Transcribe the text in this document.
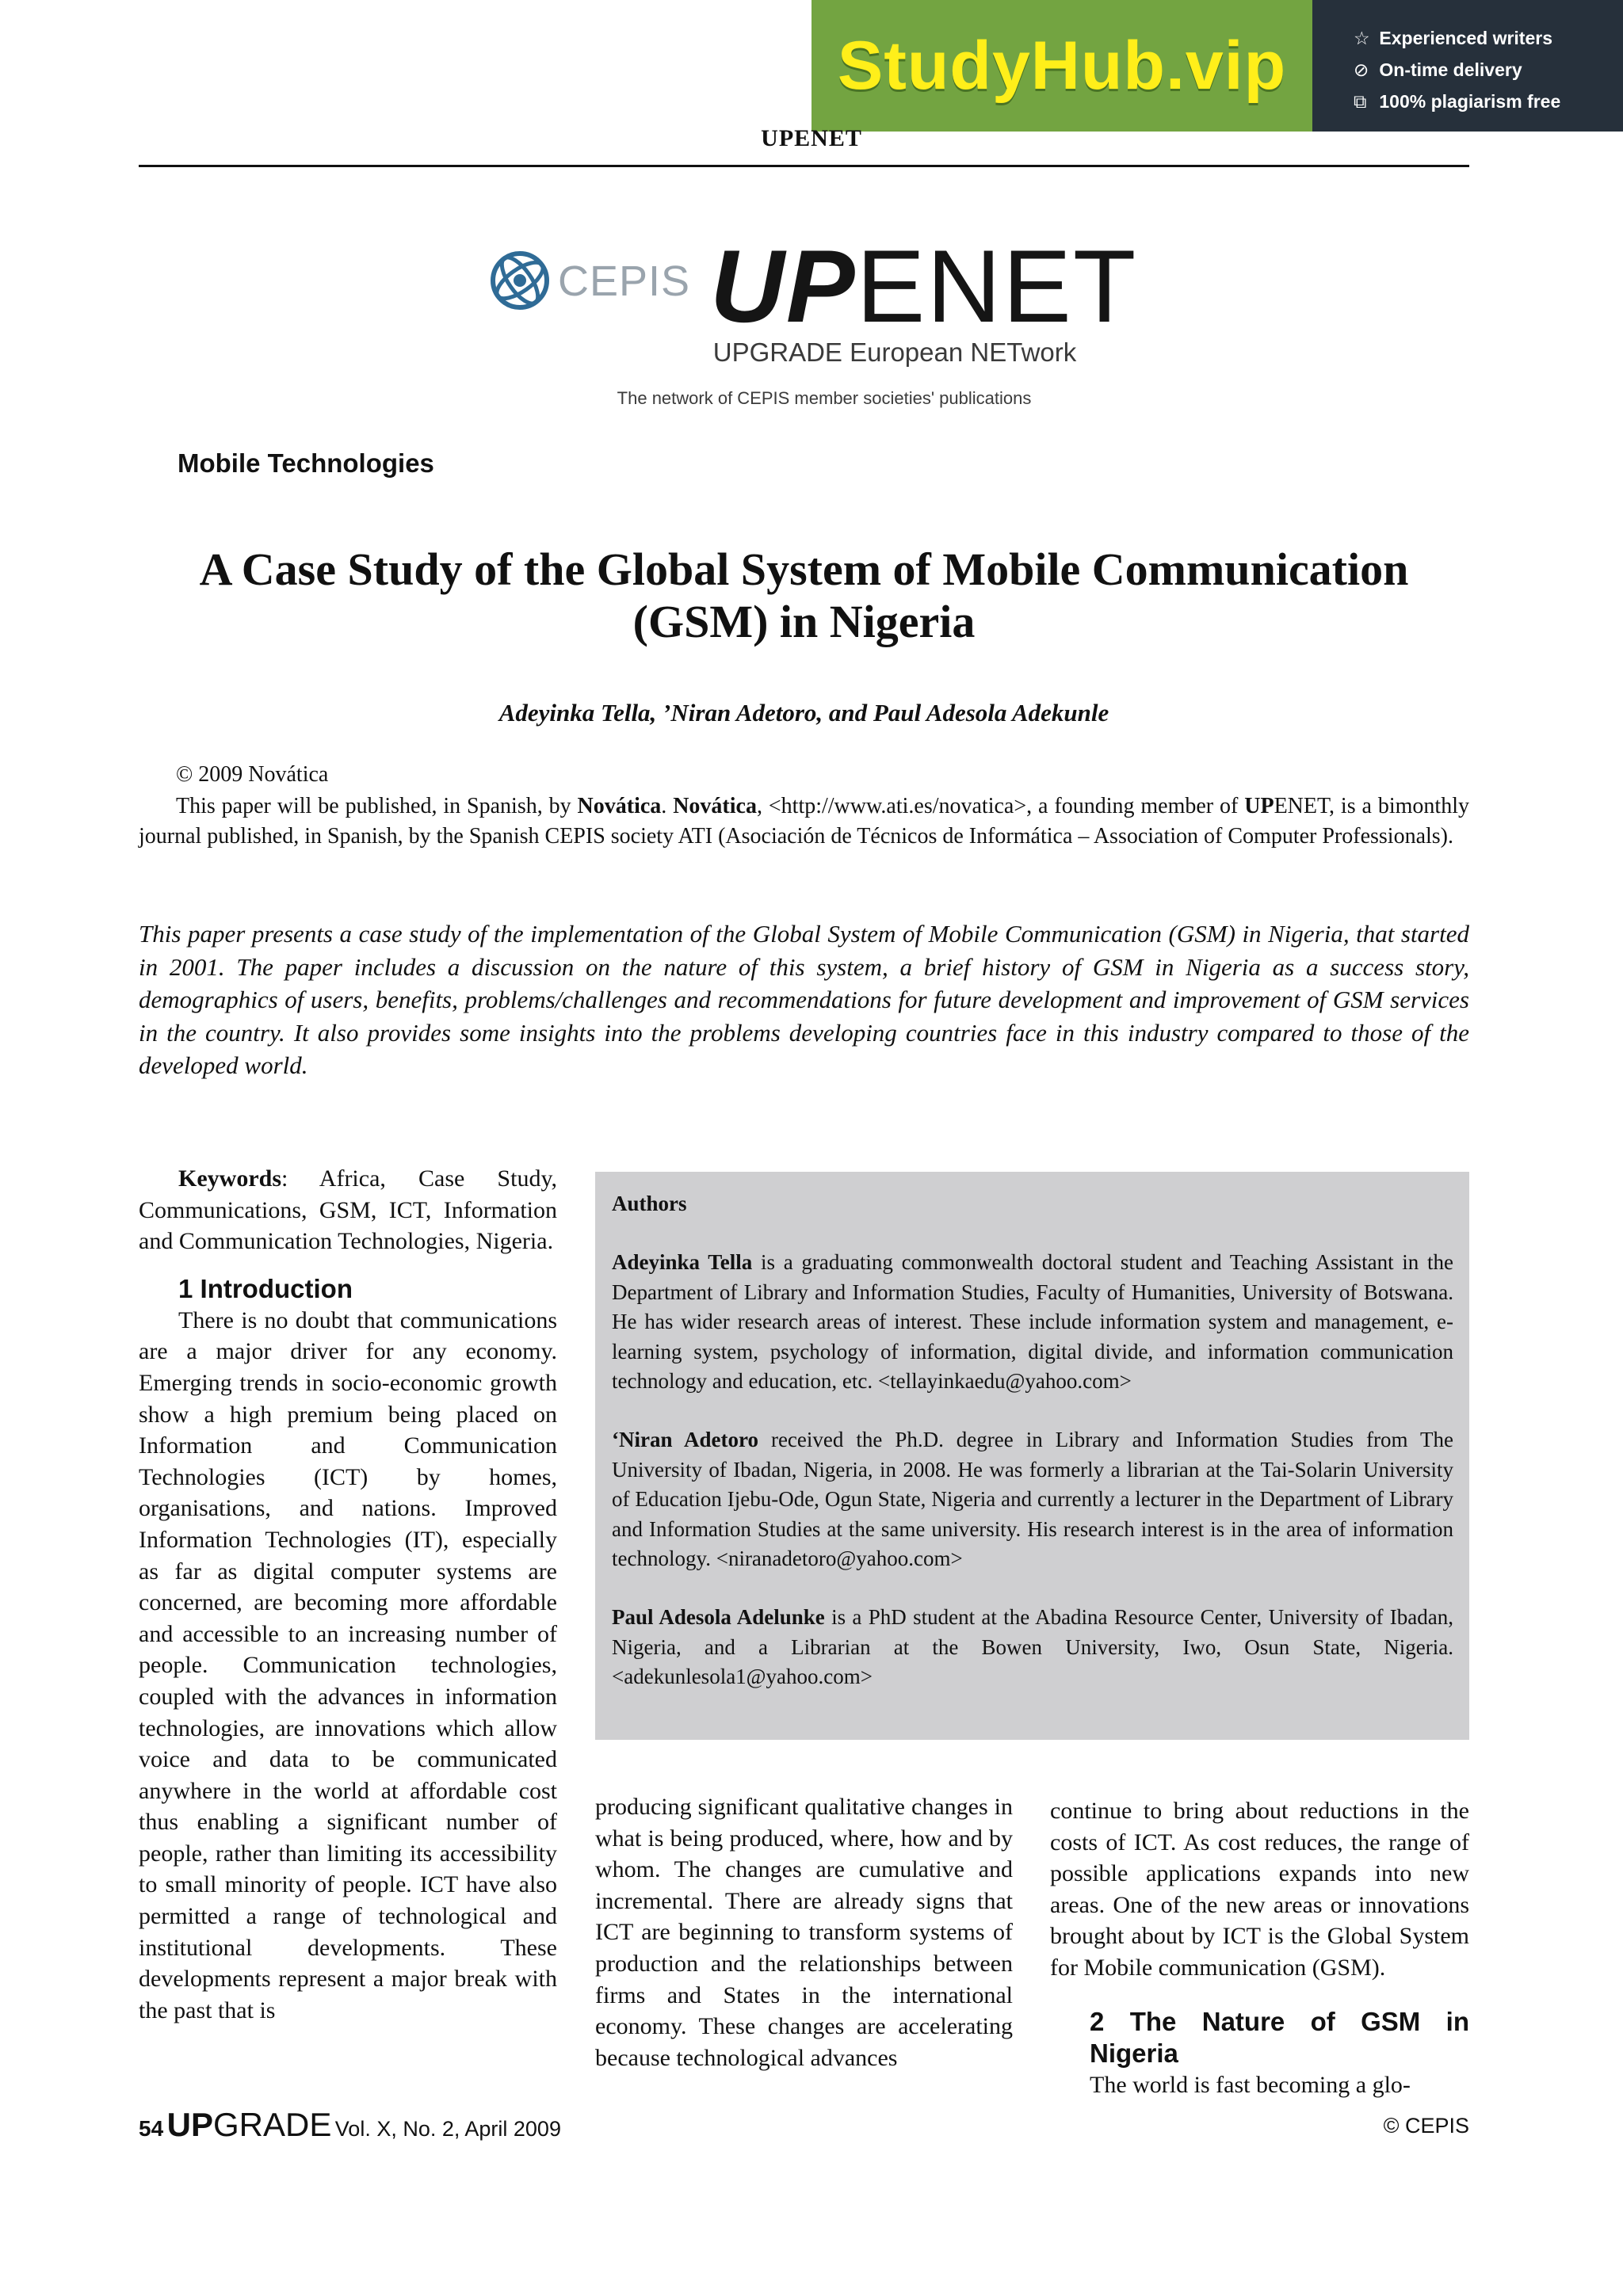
StudyHub.vip	☆ Experienced writers
⊘ On-time delivery
⧉ 100% plagiarism free
UPENET
CEPIS UPENET
UPGRADE European NETwork
The network of CEPIS member societies' publications
Mobile Technologies
A Case Study of the Global System of Mobile Communication
(GSM) in Nigeria
Adeyinka Tella, ’Niran Adetoro, and Paul Adesola Adekunle
© 2009 Novática
This paper will be published, in Spanish, by Novática. Novática, <http://www.ati.es/novatica>, a founding member of UPENET, is a bimonthly journal published, in Spanish, by the Spanish CEPIS society ATI (Asociación de Técnicos de Informática – Association of Computer Professionals).
This paper presents a case study of the implementation of the Global System of Mobile Communication (GSM) in Nigeria, that started in 2001. The paper includes a discussion on the nature of this system, a brief history of GSM in Nigeria as a success story, demographics of users, benefits, problems/challenges and recommendations for future development and improvement of GSM services in the country. It also provides some insights into the problems developing countries face in this industry compared to those of the developed world.

Keywords: Africa, Case Study, Communications, GSM, ICT, Information and Communication Technologies, Nigeria.

1 Introduction

There is no doubt that communications are a major driver for any economy. Emerging trends in socio-economic growth show a high premium being placed on Information and Communication Technologies (ICT) by homes, organisations, and nations. Improved Information Technologies (IT), especially as far as digital computer systems are concerned, are becoming more affordable and accessible to an increasing number of people. Communication technologies, coupled with the advances in information technologies, are innovations which allow voice and data to be communicated anywhere in the world at affordable cost thus enabling a significant number of people, rather than limiting its accessibility to small minority of people. ICT have also permitted a range of technological and institutional developments. These developments represent a major break with the past that is

Authors

Adeyinka Tella is a graduating commonwealth doctoral student and Teaching Assistant in the Department of Library and Information Studies, Faculty of Humanities, University of Botswana. He has wider research areas of interest. These include information system and management, e-learning system, psychology of information, digital divide, and information communication technology and education, etc. <tellayinkaedu@yahoo.com>

‘Niran Adetoro received the Ph.D. degree in Library and Information Studies from The University of Ibadan, Nigeria, in 2008. He was formerly a librarian at the Tai-Solarin University of Education Ijebu-Ode, Ogun State, Nigeria and currently a lecturer in the Department of Library and Information Studies at the same university. His research interest is in the area of information technology. <niranadetoro@yahoo.com>

Paul Adesola Adelunke is a PhD student at the Abadina Resource Center, University of Ibadan, Nigeria, and a Librarian at the Bowen University, Iwo, Osun State, Nigeria. <adekunlesola1@yahoo.com>

producing significant qualitative changes in what is being produced, where, how and by whom. The changes are cumulative and incremental. There are already signs that ICT are beginning to transform systems of production and the relationships between firms and States in the international economy. These changes are accelerating because technological advances

continue to bring about reductions in the costs of ICT. As cost reduces, the range of possible applications expands into new areas. One of the new areas or innovations brought about by ICT is the Global System for Mobile communication (GSM).

2 The Nature of GSM in Nigeria

The world is fast becoming a glo-

54 UPGRADE Vol. X, No. 2, April 2009	© CEPIS
